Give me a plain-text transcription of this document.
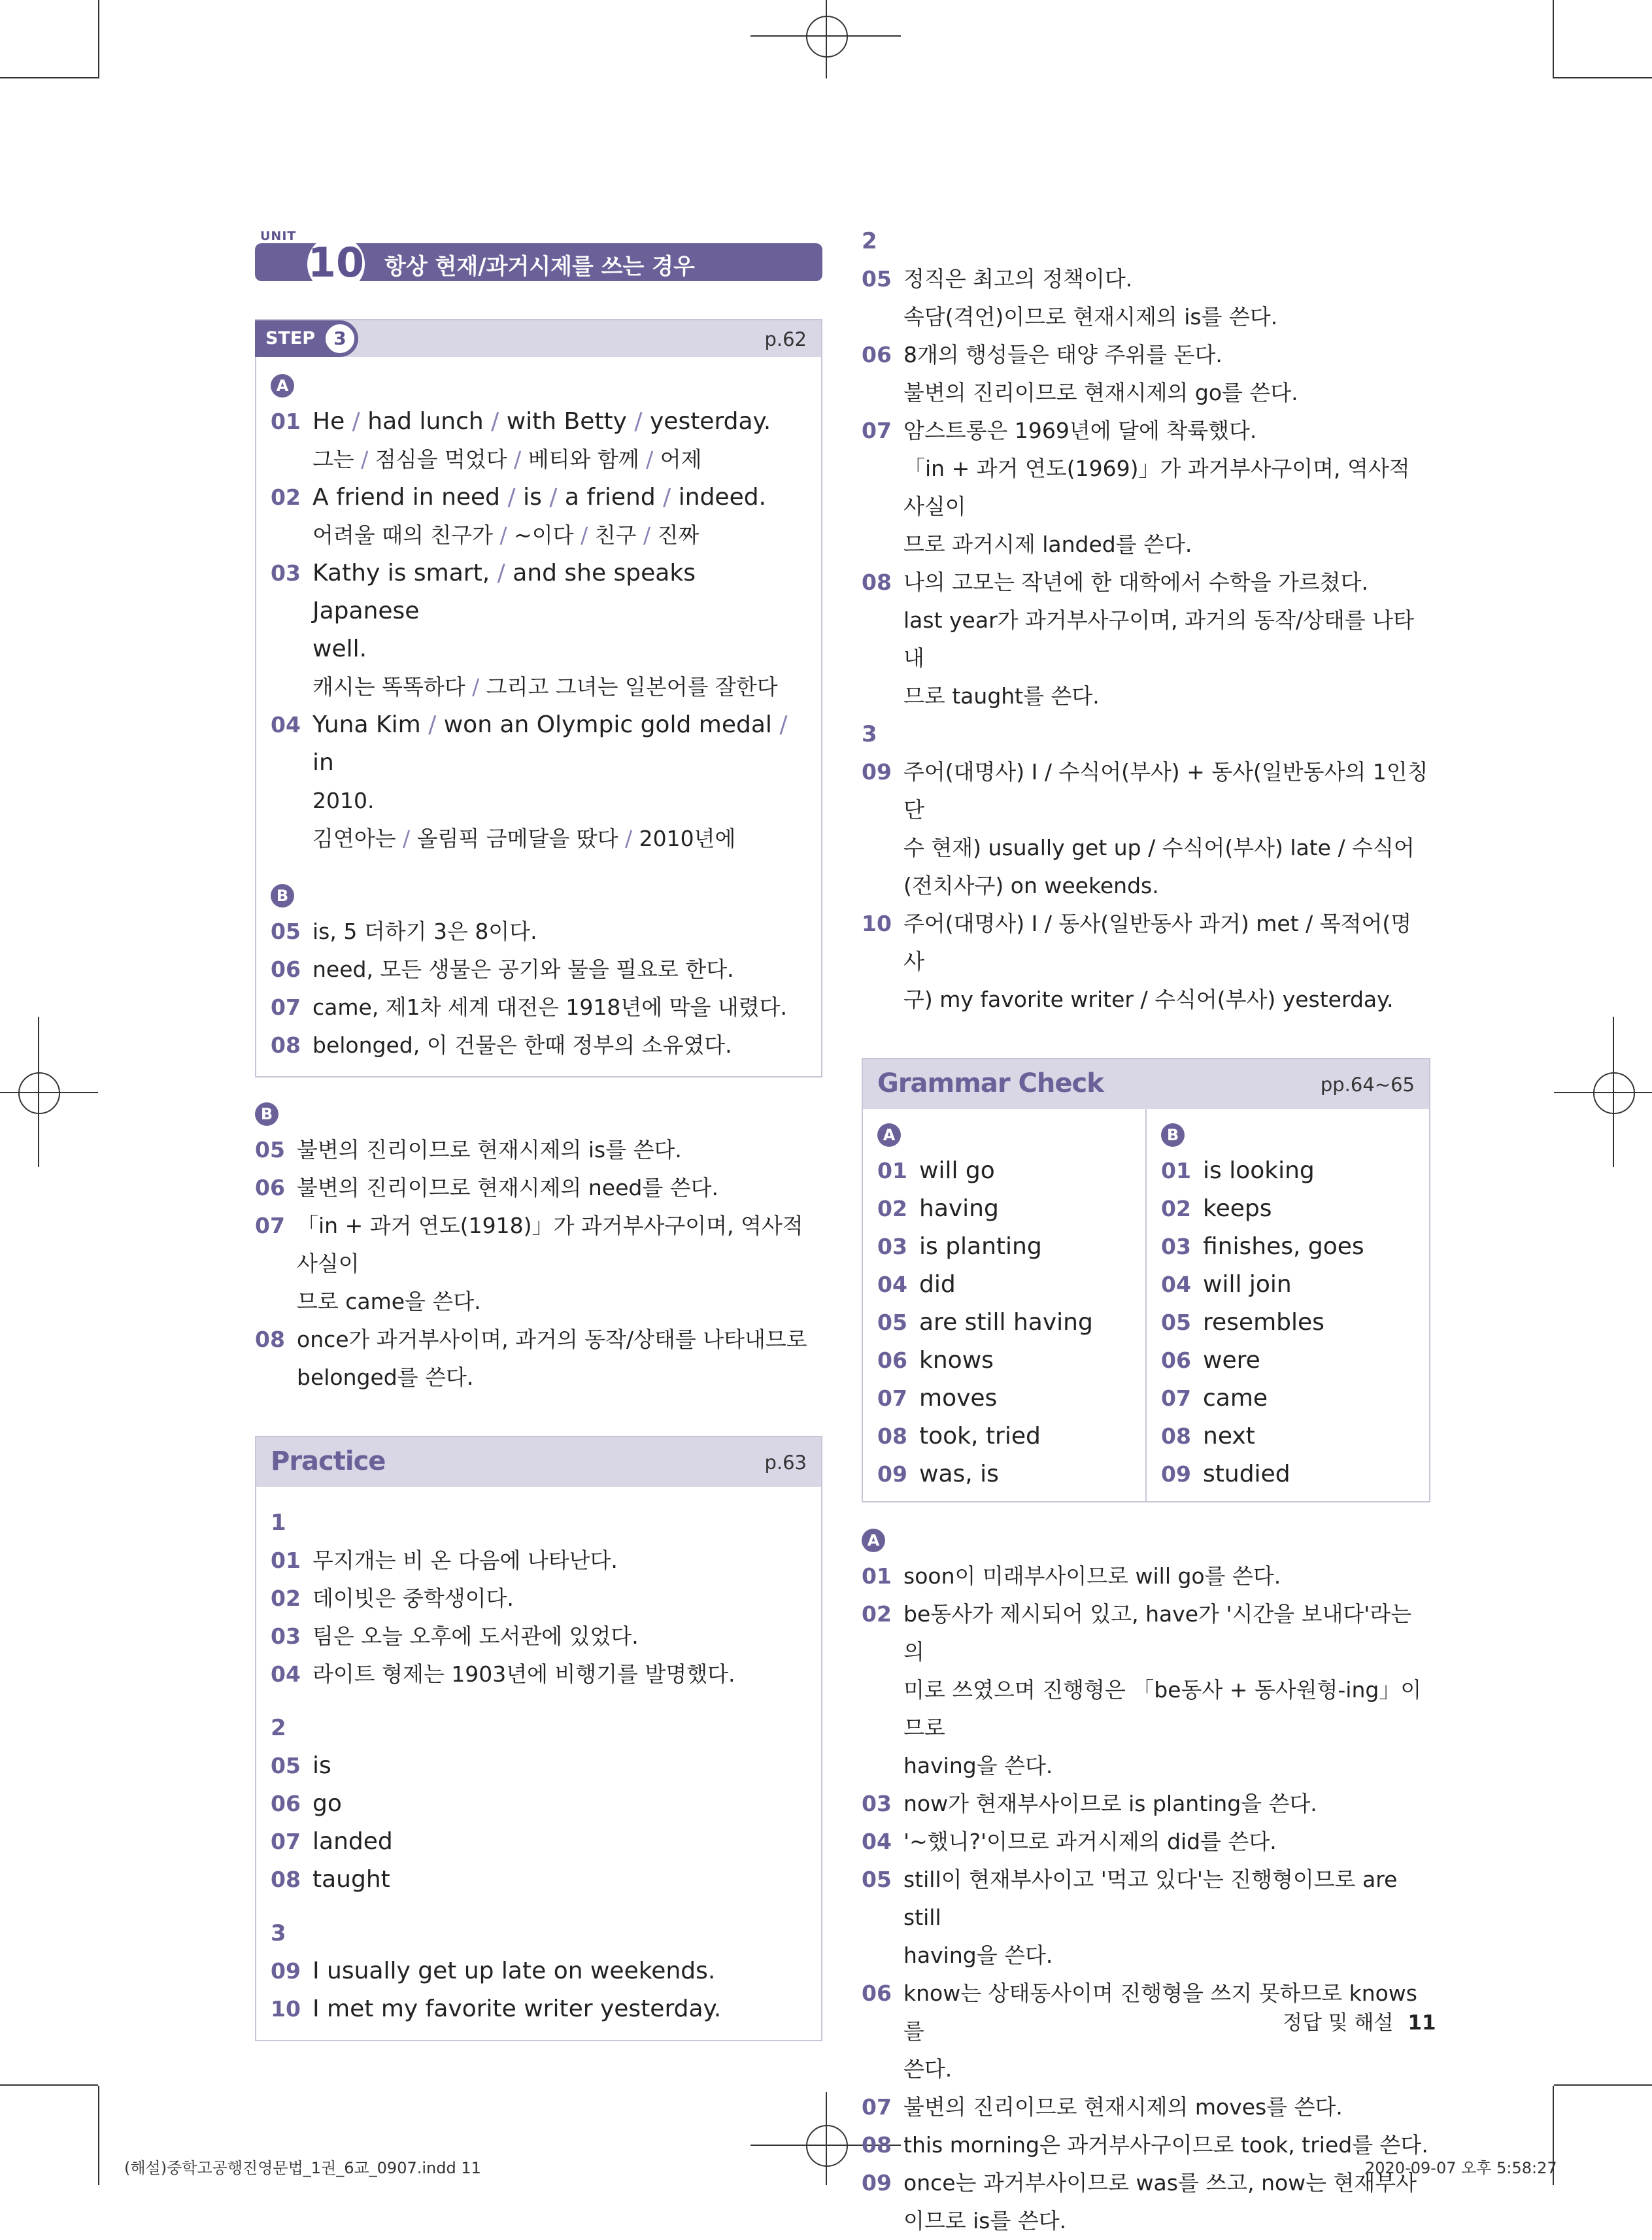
UNIT
10 항상 현재/과거시제를 쓰는 경우
STEP	3	p.62
A
01 He / had lunch / with Betty / yesterday.
그는 / 점심을 먹었다 / 베티와 함께 / 어제
02 A friend in need / is / a friend / indeed.
어려울 때의 친구가 / ~이다 / 친구 / 진짜
03 Kathy is smart, / and she speaks Japanese
well.
캐시는 똑똑하다 / 그리고 그녀는 일본어를 잘한다
04 Yuna Kim / won an Olympic gold medal / in
2010.
김연아는 / 올림픽 금메달을 땄다 / 2010년에
B
05 is, 5 더하기 3은 8이다.
06 need, 모든 생물은 공기와 물을 필요로 한다.
07 came, 제1차 세계 대전은 1918년에 막을 내렸다.
08 belonged, 이 건물은 한때 정부의 소유였다.
B
05 불변의 진리이므로 현재시제의 is를 쓴다.
06 불변의 진리이므로 현재시제의 need를 쓴다.
07 「in + 과거 연도(1918)」가 과거부사구이며, 역사적 사실이
므로 came을 쓴다.
08 once가 과거부사이며, 과거의 동작/상태를 나타내므로
belonged를 쓴다.
Practice	p.63
1
01 무지개는 비 온 다음에 나타난다.
02 데이빗은 중학생이다.
03 팀은 오늘 오후에 도서관에 있었다.
04 라이트 형제는 1903년에 비행기를 발명했다.
2
05 is
06 go
07 landed
08 taught
3
09 I usually get up late on weekends.
10 I met my favorite writer yesterday.
2
05 정직은 최고의 정책이다.
속담(격언)이므로 현재시제의 is를 쓴다.
06 8개의 행성들은 태양 주위를 돈다.
불변의 진리이므로 현재시제의 go를 쓴다.
07 암스트롱은 1969년에 달에 착륙했다.
「in + 과거 연도(1969)」가 과거부사구이며, 역사적 사실이
므로 과거시제 landed를 쓴다.
08 나의 고모는 작년에 한 대학에서 수학을 가르쳤다.
last year가 과거부사구이며, 과거의 동작/상태를 나타내
므로 taught를 쓴다.
3
09 주어(대명사) I / 수식어(부사) + 동사(일반동사의 1인칭 단
수 현재) usually get up / 수식어(부사) late / 수식어
(전치사구) on weekends.
10 주어(대명사) I / 동사(일반동사 과거) met / 목적어(명사
구) my favorite writer / 수식어(부사) yesterday.
Grammar Check	pp.64~65
A
01 will go
02 having
03 is planting
04 did
05 are still having
06 knows
07 moves
08 took, tried
09 was, is
B
01 is looking
02 keeps
03 finishes, goes
04 will join
05 resembles
06 were
07 came
08 next
09 studied
A
01 soon이 미래부사이므로 will go를 쓴다.
02 be동사가 제시되어 있고, have가 '시간을 보내다'라는 의
미로 쓰였으며 진행형은 「be동사 + 동사원형-ing」이므로
having을 쓴다.
03 now가 현재부사이므로 is planting을 쓴다.
04 '~했니?'이므로 과거시제의 did를 쓴다.
05 still이 현재부사이고 '먹고 있다'는 진행형이므로 are still
having을 쓴다.
06 know는 상태동사이며 진행형을 쓰지 못하므로 knows를
쓴다.
07 불변의 진리이므로 현재시제의 moves를 쓴다.
08 this morning은 과거부사구이므로 took, tried를 쓴다.
09 once는 과거부사이므로 was를 쓰고, now는 현재부사
이므로 is를 쓴다.
정답 및 해설 11
(해설)중학고공행진영문법_1권_6교_0907.indd 11	2020-09-07 오후 5:58:27
